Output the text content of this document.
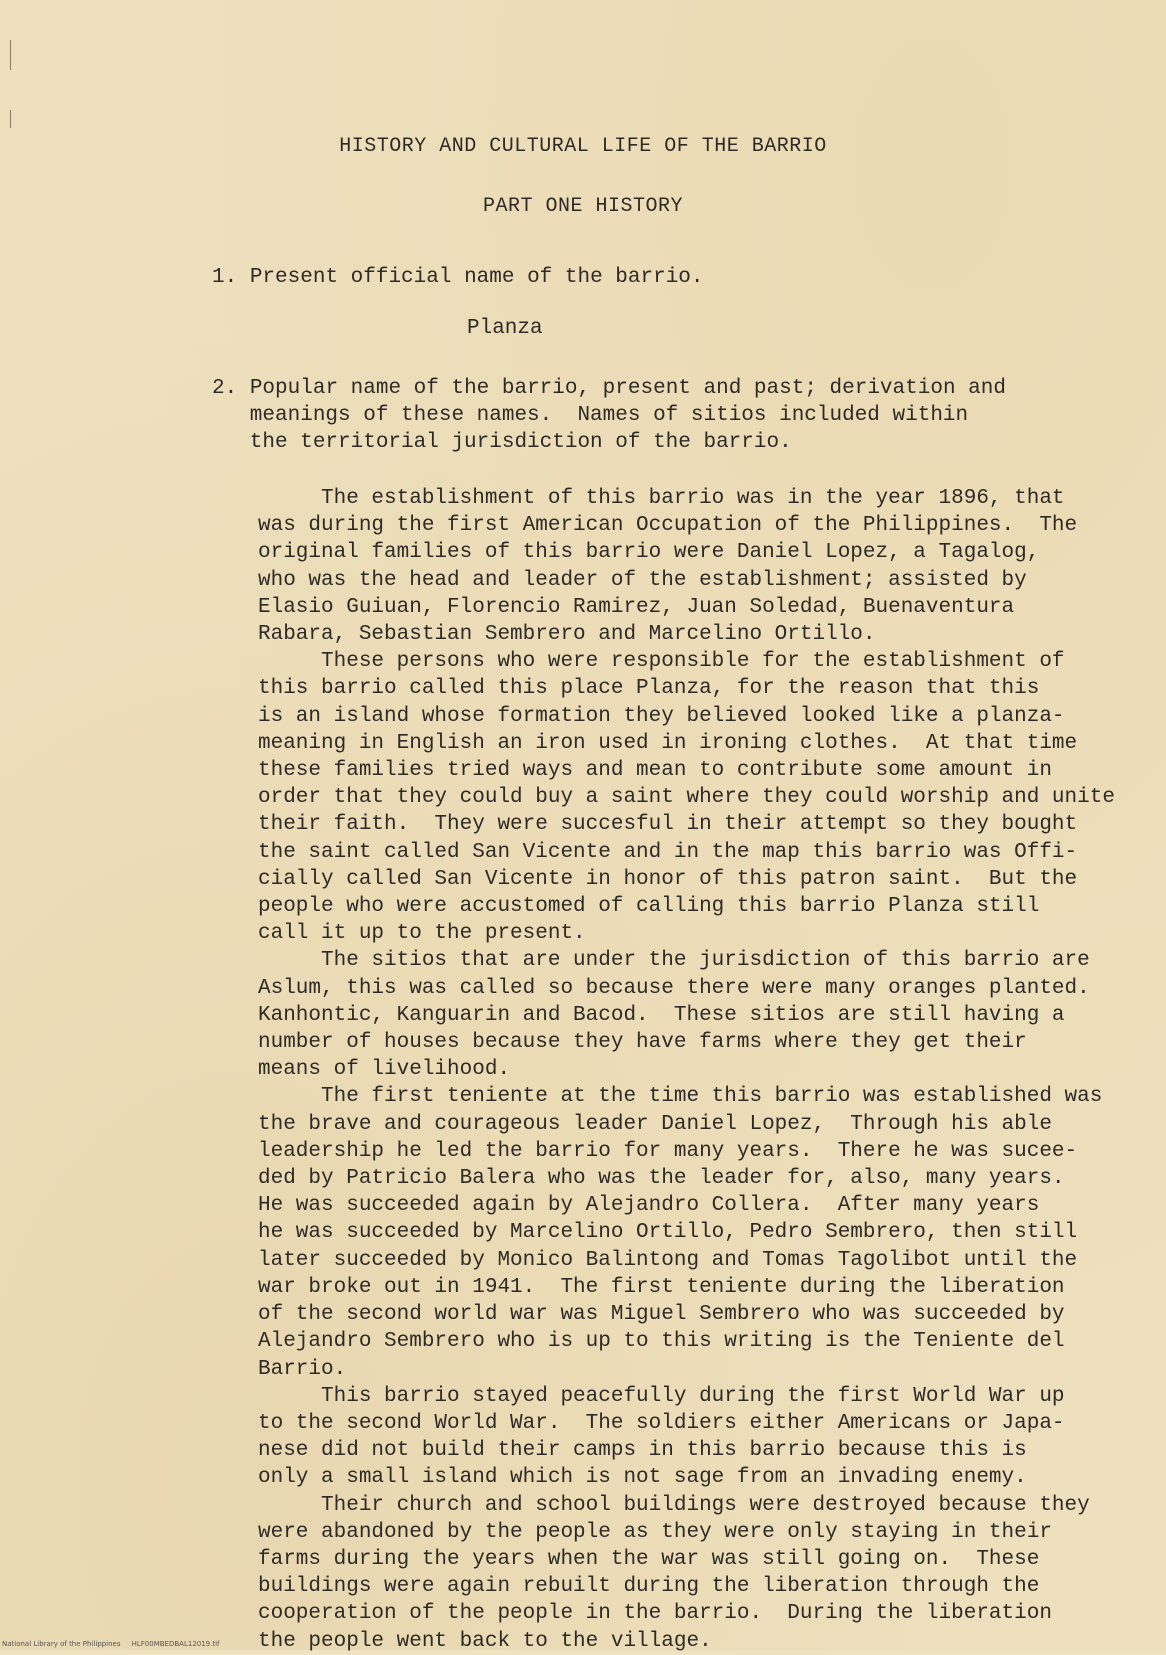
HISTORY AND CULTURAL LIFE OF THE BARRIO
PART ONE HISTORY
1. Present official name of the barrio.
Planza
2. Popular name of the barrio, present and past; derivation and
meanings of these names.  Names of sitios included within
the territorial jurisdiction of the barrio.
The establishment of this barrio was in the year 1896, that
was during the first American Occupation of the Philippines.  The
original families of this barrio were Daniel Lopez, a Tagalog,
who was the head and leader of the establishment; assisted by
Elasio Guiuan, Florencio Ramirez, Juan Soledad, Buenaventura
Rabara, Sebastian Sembrero and Marcelino Ortillo.
These persons who were responsible for the establishment of
this barrio called this place Planza, for the reason that this
is an island whose formation they believed looked like a planza-
meaning in English an iron used in ironing clothes.  At that time
these families tried ways and mean to contribute some amount in
order that they could buy a saint where they could worship and unite
their faith.  They were succesful in their attempt so they bought
the saint called San Vicente and in the map this barrio was Offi-
cially called San Vicente in honor of this patron saint.  But the
people who were accustomed of calling this barrio Planza still
call it up to the present.
The sitios that are under the jurisdiction of this barrio are
Aslum, this was called so because there were many oranges planted.
Kanhontic, Kanguarin and Bacod.  These sitios are still having a
number of houses because they have farms where they get their
means of livelihood.
The first teniente at the time this barrio was established was
the brave and courageous leader Daniel Lopez,  Through his able
leadership he led the barrio for many years.  There he was sucee-
ded by Patricio Balera who was the leader for, also, many years.
He was succeeded again by Alejandro Collera.  After many years
he was succeeded by Marcelino Ortillo, Pedro Sembrero, then still
later succeeded by Monico Balintong and Tomas Tagolibot until the
war broke out in 1941.  The first teniente during the liberation
of the second world war was Miguel Sembrero who was succeeded by
Alejandro Sembrero who is up to this writing is the Teniente del
Barrio.
This barrio stayed peacefully during the first World War up
to the second World War.  The soldiers either Americans or Japa-
nese did not build their camps in this barrio because this is
only a small island which is not sage from an invading enemy.
Their church and school buildings were destroyed because they
were abandoned by the people as they were only staying in their
farms during the years when the war was still going on.  These
buildings were again rebuilt during the liberation through the
cooperation of the people in the barrio.  During the liberation
the people went back to the village.
National Library of the Philippines     HLF00MBEDBAL12019.tif
